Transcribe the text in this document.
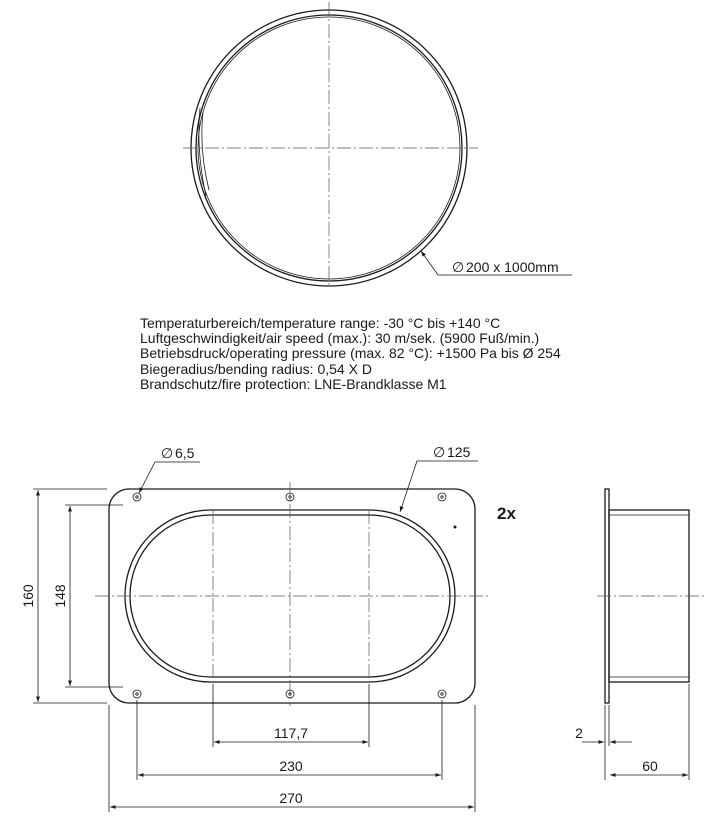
∅ 200 x 1000mm
∅ 6,5	∅ 125
2x
160 148
117,7
230
270
2
60
Temperaturbereich/temperature range: -30 °C bis +140 °C
Luftgeschwindigkeit/air speed (max.): 30 m/sek. (5900 Fuß/min.)
Betriebsdruck/operating pressure (max. 82 °C): +1500 Pa bis Ø 254
Biegeradius/bending radius: 0,54 X D
Brandschutz/fire protection: LNE-Brandklasse M1
